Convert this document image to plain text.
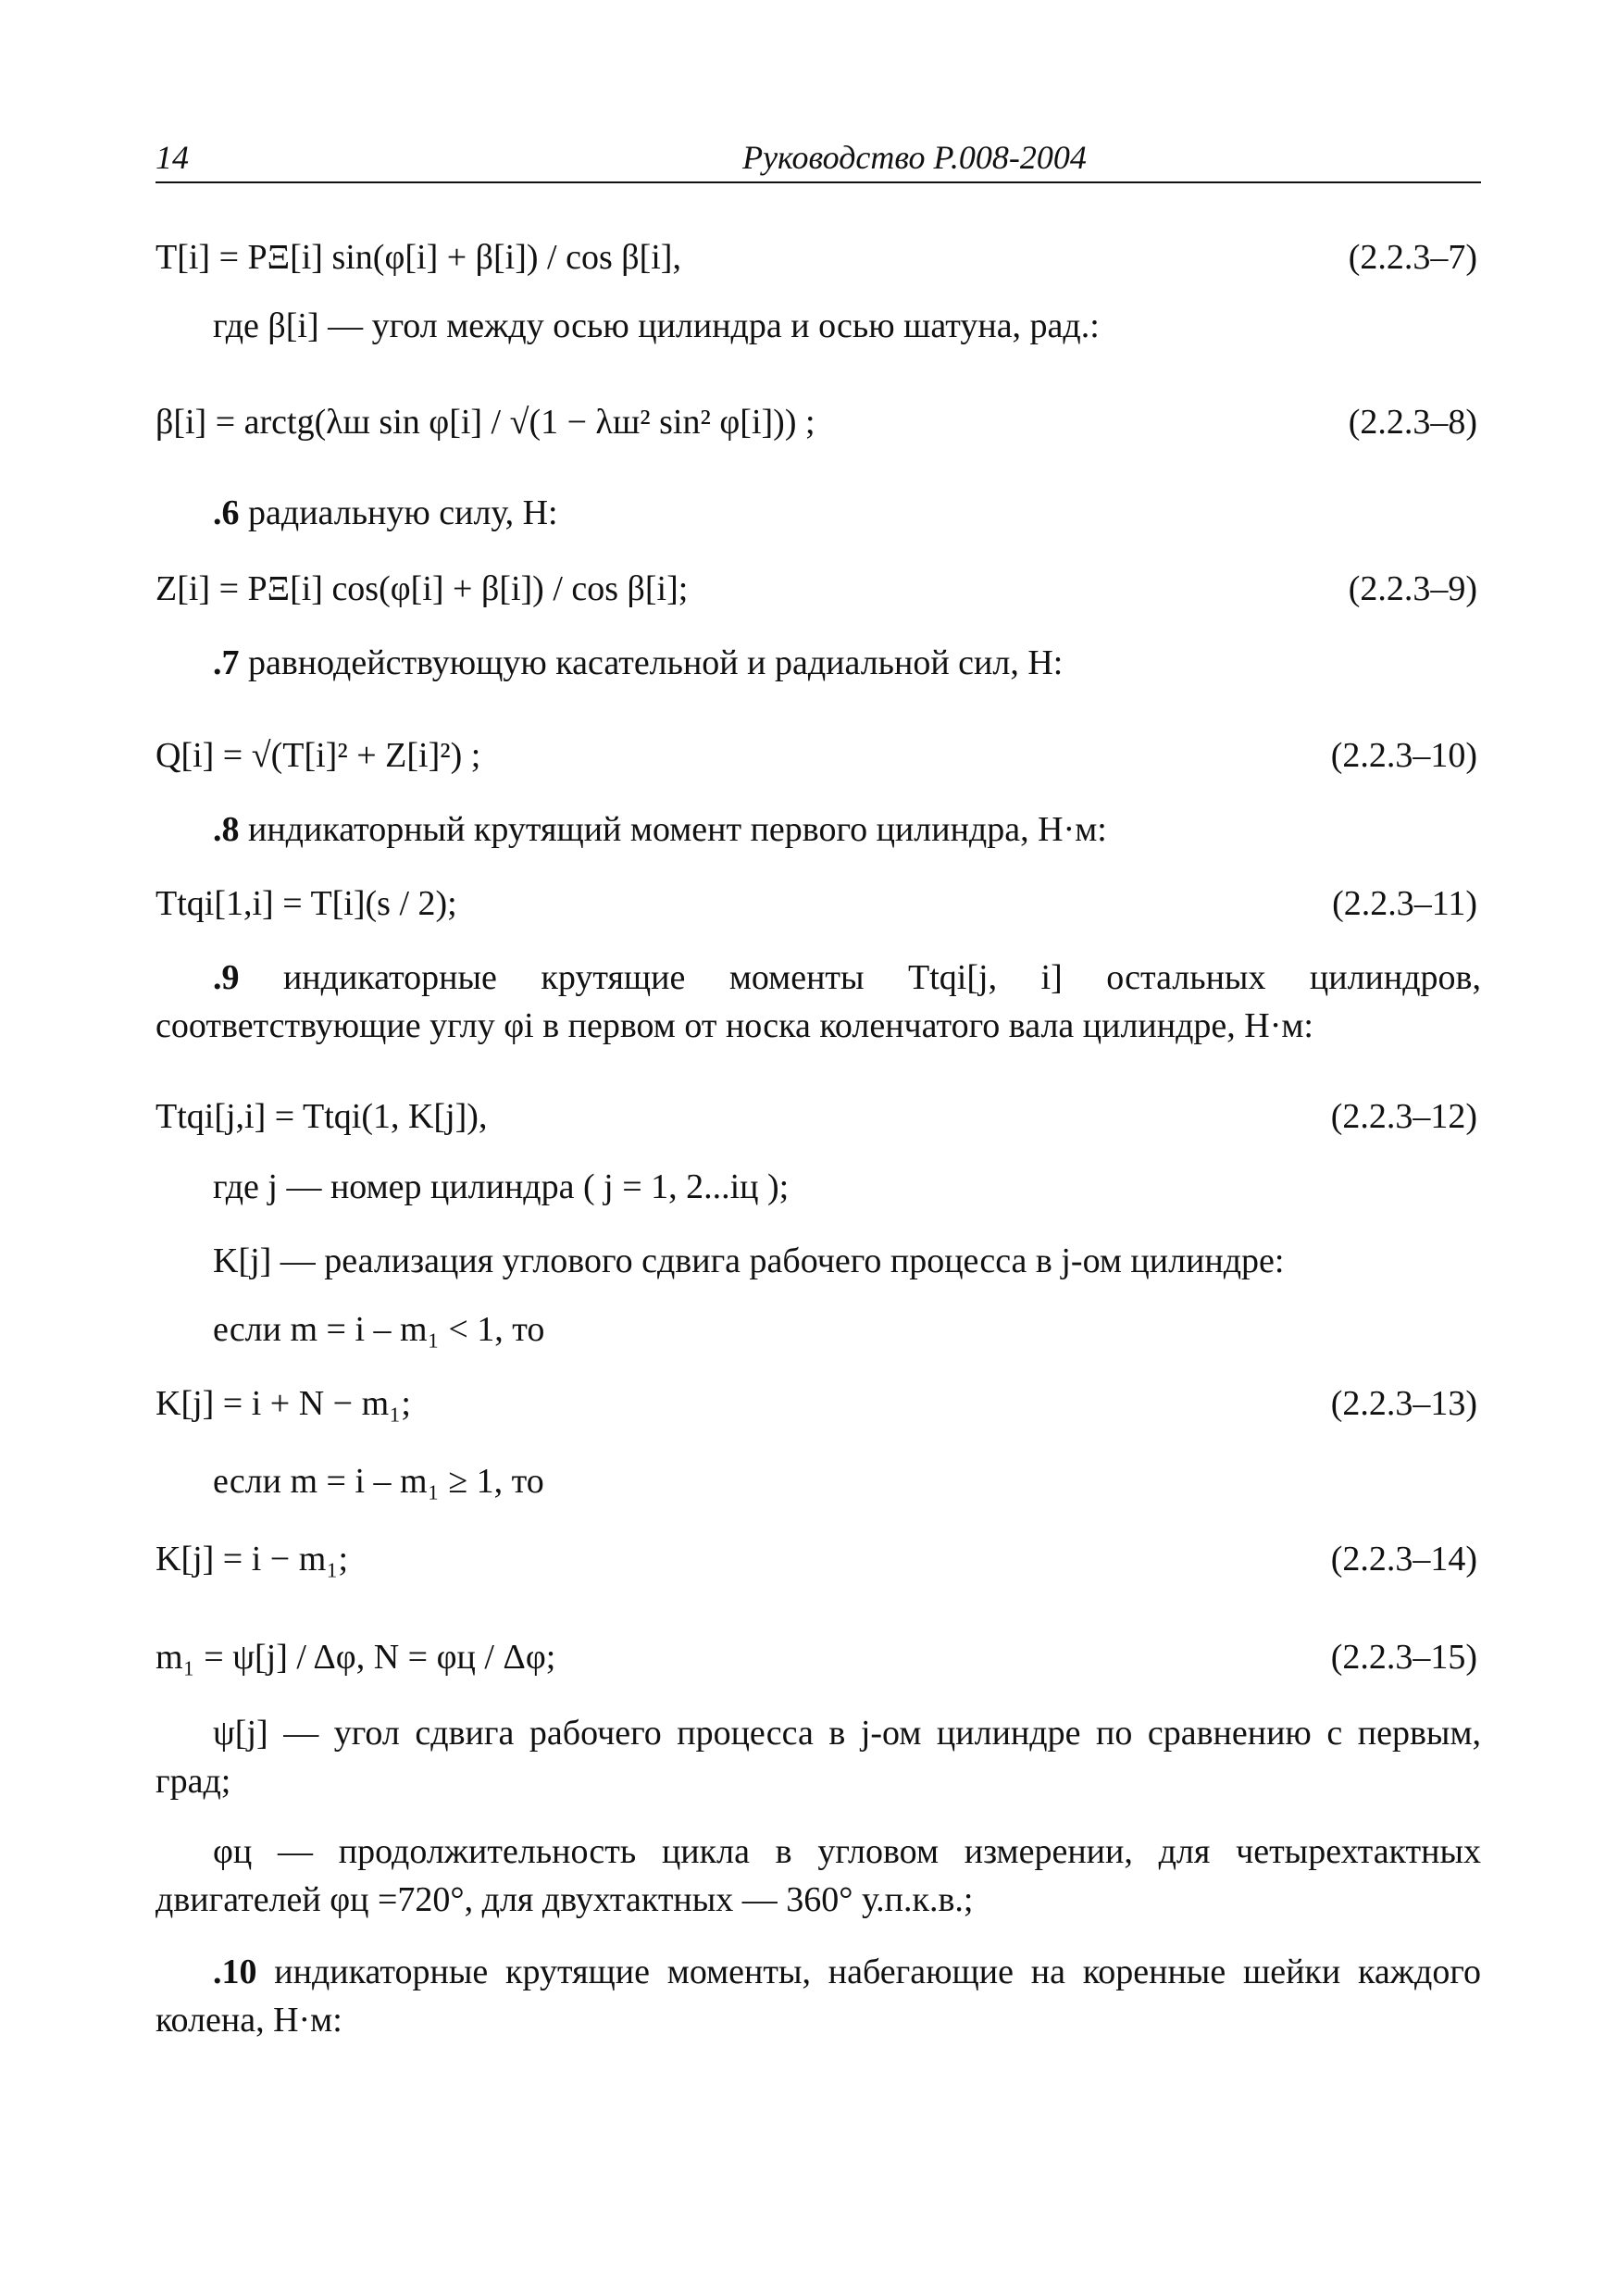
14	Руководство Р.008-2004
T[i] = PΞ[i] sin(φ[i] + β[i]) / cos β[i],	(2.2.3–7)
где β[i] — угол между осью цилиндра и осью шатуна, рад.:
β[i] = arctg(λш sin φ[i] / √(1 − λш² sin² φ[i])) ;	(2.2.3–8)
.6 радиальную силу, Н:
Z[i] = PΞ[i] cos(φ[i] + β[i]) / cos β[i];	(2.2.3–9)
.7 равнодействующую касательной и радиальной сил, Н:
Q[i] = √(T[i]² + Z[i]²) ;	(2.2.3–10)
.8 индикаторный крутящий момент первого цилиндра, Н·м:
Ttqi[1,i] = T[i](s / 2);	(2.2.3–11)
.9 индикаторные крутящие моменты Ttqi[j, i] остальных цилиндров, соответствующие углу φi в первом от носка коленчатого вала цилиндре, Н·м:
Ttqi[j,i] = Ttqi(1, K[j]),	(2.2.3–12)
где j — номер цилиндра ( j = 1, 2...iц );
K[j] — реализация углового сдвига рабочего процесса в j-ом цилиндре:
если m = i – m₁ < 1, то
K[j] = i + N − m₁;	(2.2.3–13)
если m = i – m₁ ≥ 1, то
K[j] = i − m₁;	(2.2.3–14)
m₁ = ψ[j] / Δφ, N = φц / Δφ;	(2.2.3–15)
ψ[j] — угол сдвига рабочего процесса в j-ом цилиндре по сравнению с первым, град;
φц — продолжительность цикла в угловом измерении, для четырехтактных двигателей φц =720°, для двухтактных — 360° у.п.к.в.;
.10 индикаторные крутящие моменты, набегающие на коренные шейки каждого колена, Н·м:
